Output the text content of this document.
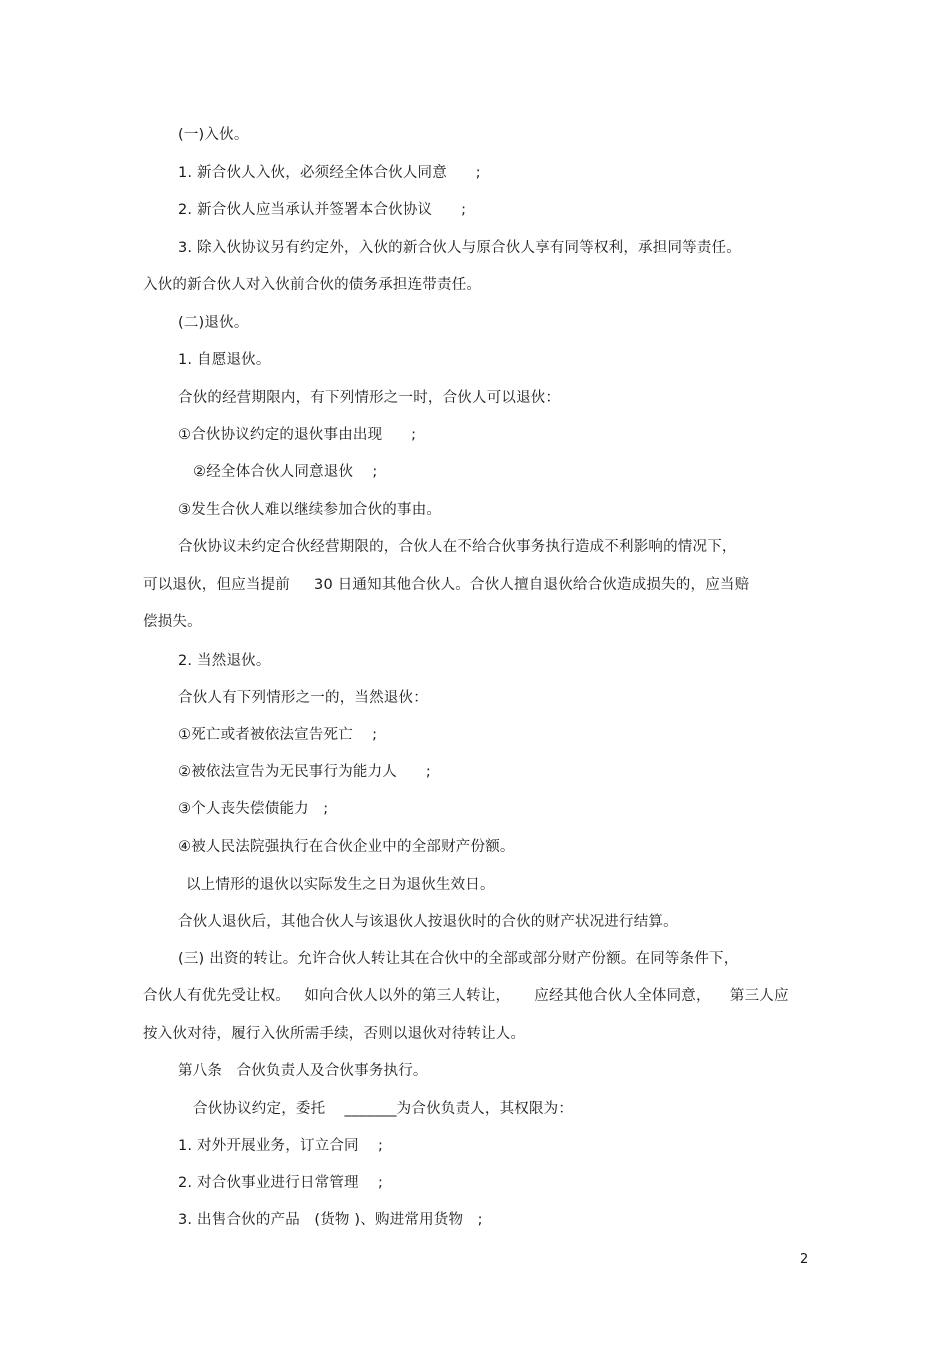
(一)入伙。
1. 新合伙人入伙，必须经全体合伙人同意      ;
2. 新合伙人应当承认并签署本合伙协议      ;
3. 除入伙协议另有约定外，入伙的新合伙人与原合伙人享有同等权利，承担同等责任。
入伙的新合伙人对入伙前合伙的债务承担连带责任。
(二)退伙。
1. 自愿退伙。
合伙的经营期限内，有下列情形之一时，合伙人可以退伙：
①合伙协议约定的退伙事由出现      ;
②经全体合伙人同意退伙    ;
③发生合伙人难以继续参加合伙的事由。
合伙协议未约定合伙经营期限的，合伙人在不给合伙事务执行造成不利影响的情况下，
可以退伙，但应当提前     30 日通知其他合伙人。合伙人擅自退伙给合伙造成损失的，应当赔
偿损失。
2. 当然退伙。
合伙人有下列情形之一的，当然退伙：
①死亡或者被依法宣告死亡    ;
②被依法宣告为无民事行为能力人      ;
③个人丧失偿债能力   ;
④被人民法院强执行在合伙企业中的全部财产份额。
以上情形的退伙以实际发生之日为退伙生效日。
合伙人退伙后，其他合伙人与该退伙人按退伙时的合伙的财产状况进行结算。
(三) 出资的转让。允许合伙人转让其在合伙中的全部或部分财产份额。在同等条件下，
合伙人有优先受让权。   如向合伙人以外的第三人转让，     应经其他合伙人全体同意，    第三人应
按入伙对待，履行入伙所需手续，否则以退伙对待转让人。
第八条   合伙负责人及合伙事务执行。
合伙协议约定，委托    _______为合伙负责人，其权限为：
1. 对外开展业务，订立合同    ;
2. 对合伙事业进行日常管理    ;
3. 出售合伙的产品   (货物 )、购进常用货物   ;
2
